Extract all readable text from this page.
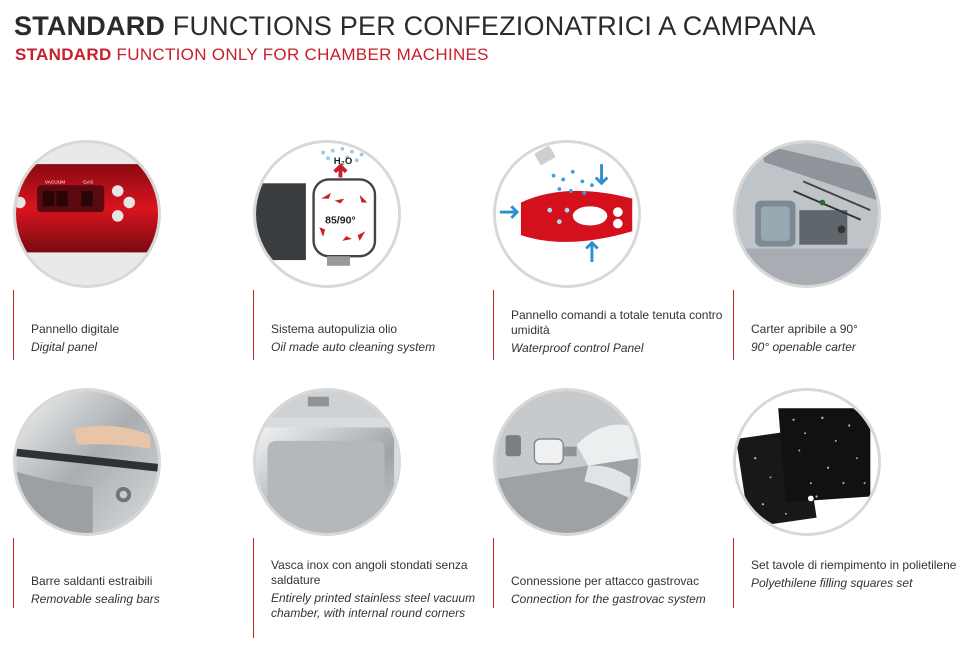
STANDARD FUNCTIONS PER CONFEZIONATRICI A CAMPANA
STANDARD FUNCTION ONLY FOR CHAMBER MACHINES
VACUUM	GAS
Pannello digitale
Digital panel
H₂O
85/90°
Sistema autopulizia olio
Oil made auto cleaning system
Pannello comandi a totale tenuta contro umidità
Waterproof control Panel
Carter apribile a 90°
90° openable carter
Barre saldanti estraibili
Removable sealing bars
Vasca inox con angoli stondati senza saldature
Entirely printed stainless steel vacuum chamber, with internal round corners
Connessione per attacco gastrovac
Connection for the gastrovac system
Set tavole di riempimento in polietilene
Polyethilene filling squares set
